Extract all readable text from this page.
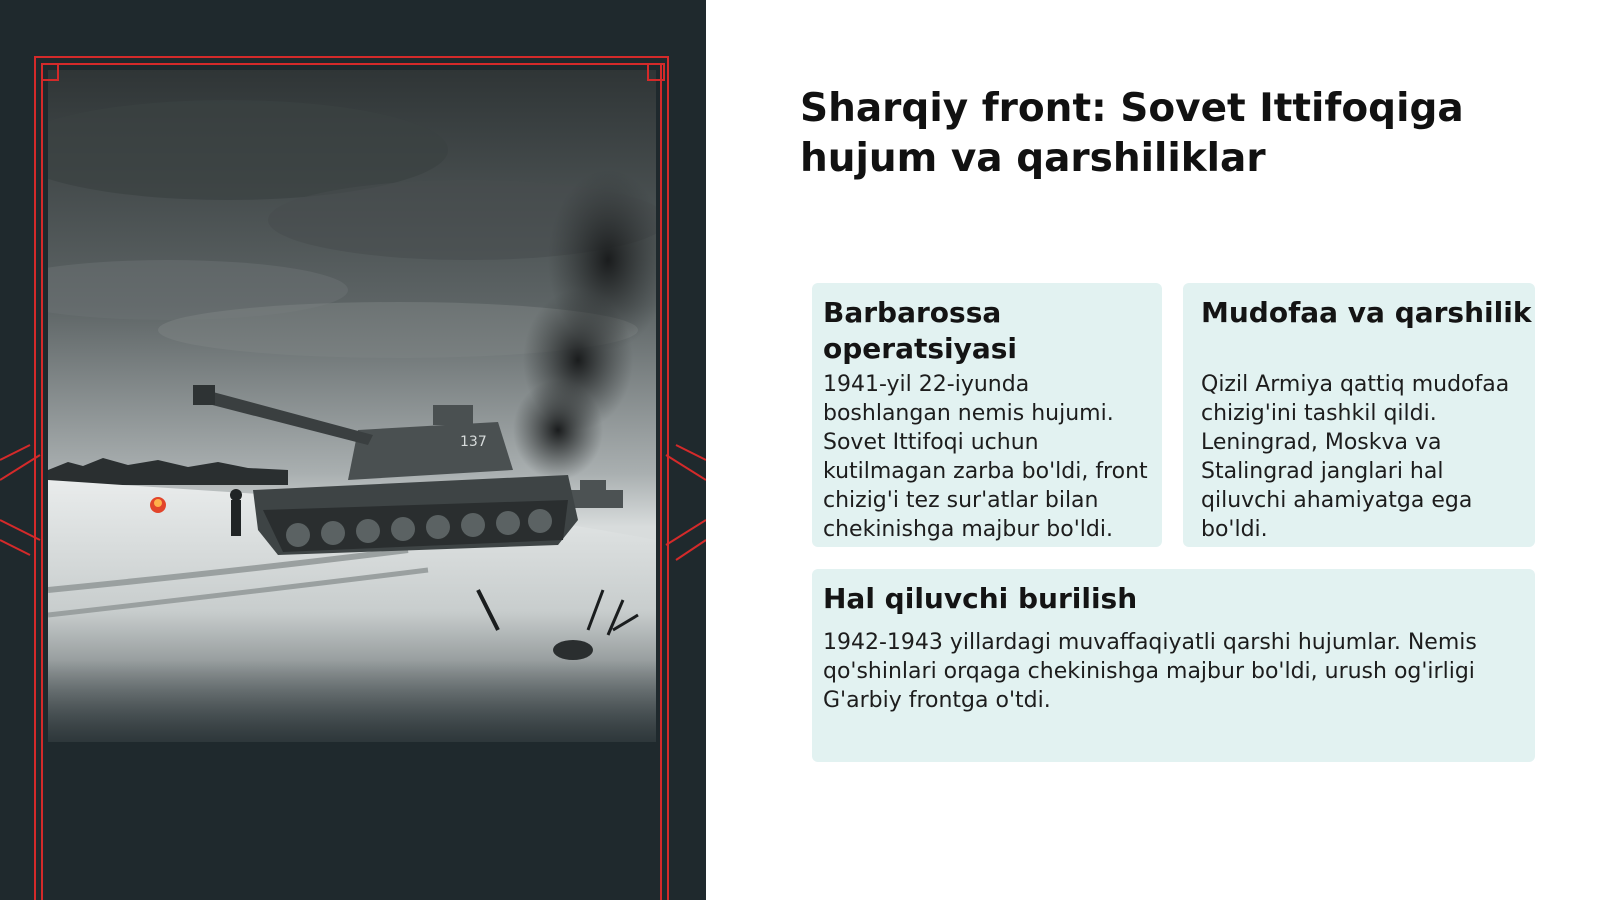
137
Sharqiy front: Sovet Ittifoqiga hujum va qarshiliklar
Barbarossa operatsiyasi

1941-yil 22-iyunda boshlangan nemis hujumi. Sovet Ittifoqi uchun kutilmagan zarba bo'ldi, front chizig'i tez sur'atlar bilan chekinishga majbur bo'ldi.

Mudofaa va qarshilik

Qizil Armiya qattiq mudofaa chizig'ini tashkil qildi. Leningrad, Moskva va Stalingrad janglari hal qiluvchi ahamiyatga ega bo'ldi.

Hal qiluvchi burilish

1942-1943 yillardagi muvaffaqiyatli qarshi hujumlar. Nemis qo'shinlari orqaga chekinishga majbur bo'ldi, urush og'irligi G'arbiy frontga o'tdi.
